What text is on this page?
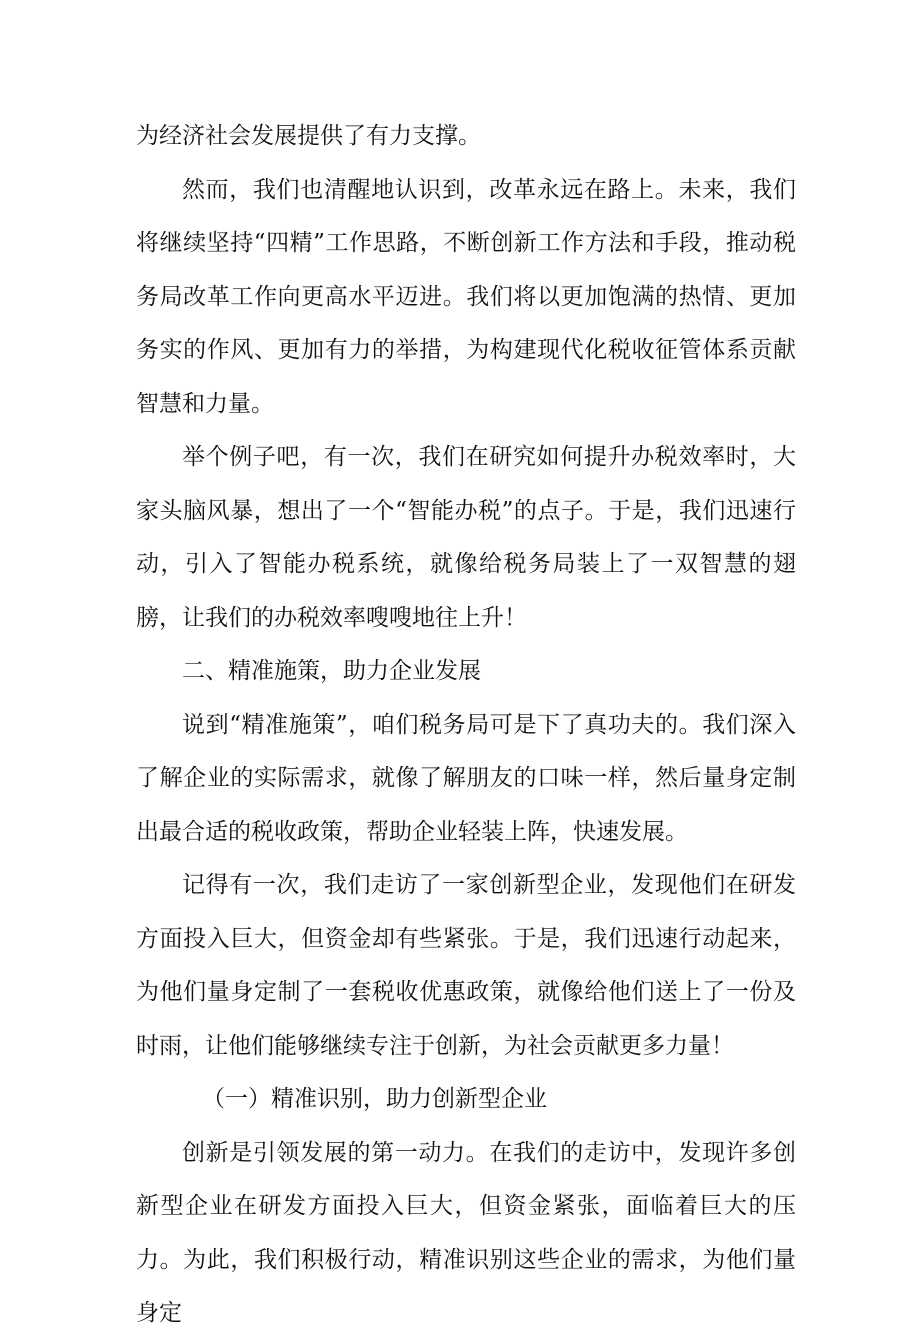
为经济社会发展提供了有力支撑。

然而，我们也清醒地认识到，改革永远在路上。未来，我们将继续坚持“四精”工作思路，不断创新工作方法和手段，推动税务局改革工作向更高水平迈进。我们将以更加饱满的热情、更加务实的作风、更加有力的举措，为构建现代化税收征管体系贡献智慧和力量。

举个例子吧，有一次，我们在研究如何提升办税效率时，大家头脑风暴，想出了一个“智能办税”的点子。于是，我们迅速行动，引入了智能办税系统，就像给税务局装上了一双智慧的翅膀，让我们的办税效率嗖嗖地往上升！

二、精准施策，助力企业发展

说到“精准施策”，咱们税务局可是下了真功夫的。我们深入了解企业的实际需求，就像了解朋友的口味一样，然后量身定制出最合适的税收政策，帮助企业轻装上阵，快速发展。

记得有一次，我们走访了一家创新型企业，发现他们在研发方面投入巨大，但资金却有些紧张。于是，我们迅速行动起来，为他们量身定制了一套税收优惠政策，就像给他们送上了一份及时雨，让他们能够继续专注于创新，为社会贡献更多力量！

（一）精准识别，助力创新型企业

创新是引领发展的第一动力。在我们的走访中，发现许多创新型企业在研发方面投入巨大，但资金紧张，面临着巨大的压力。为此，我们积极行动，精准识别这些企业的需求，为他们量身定
